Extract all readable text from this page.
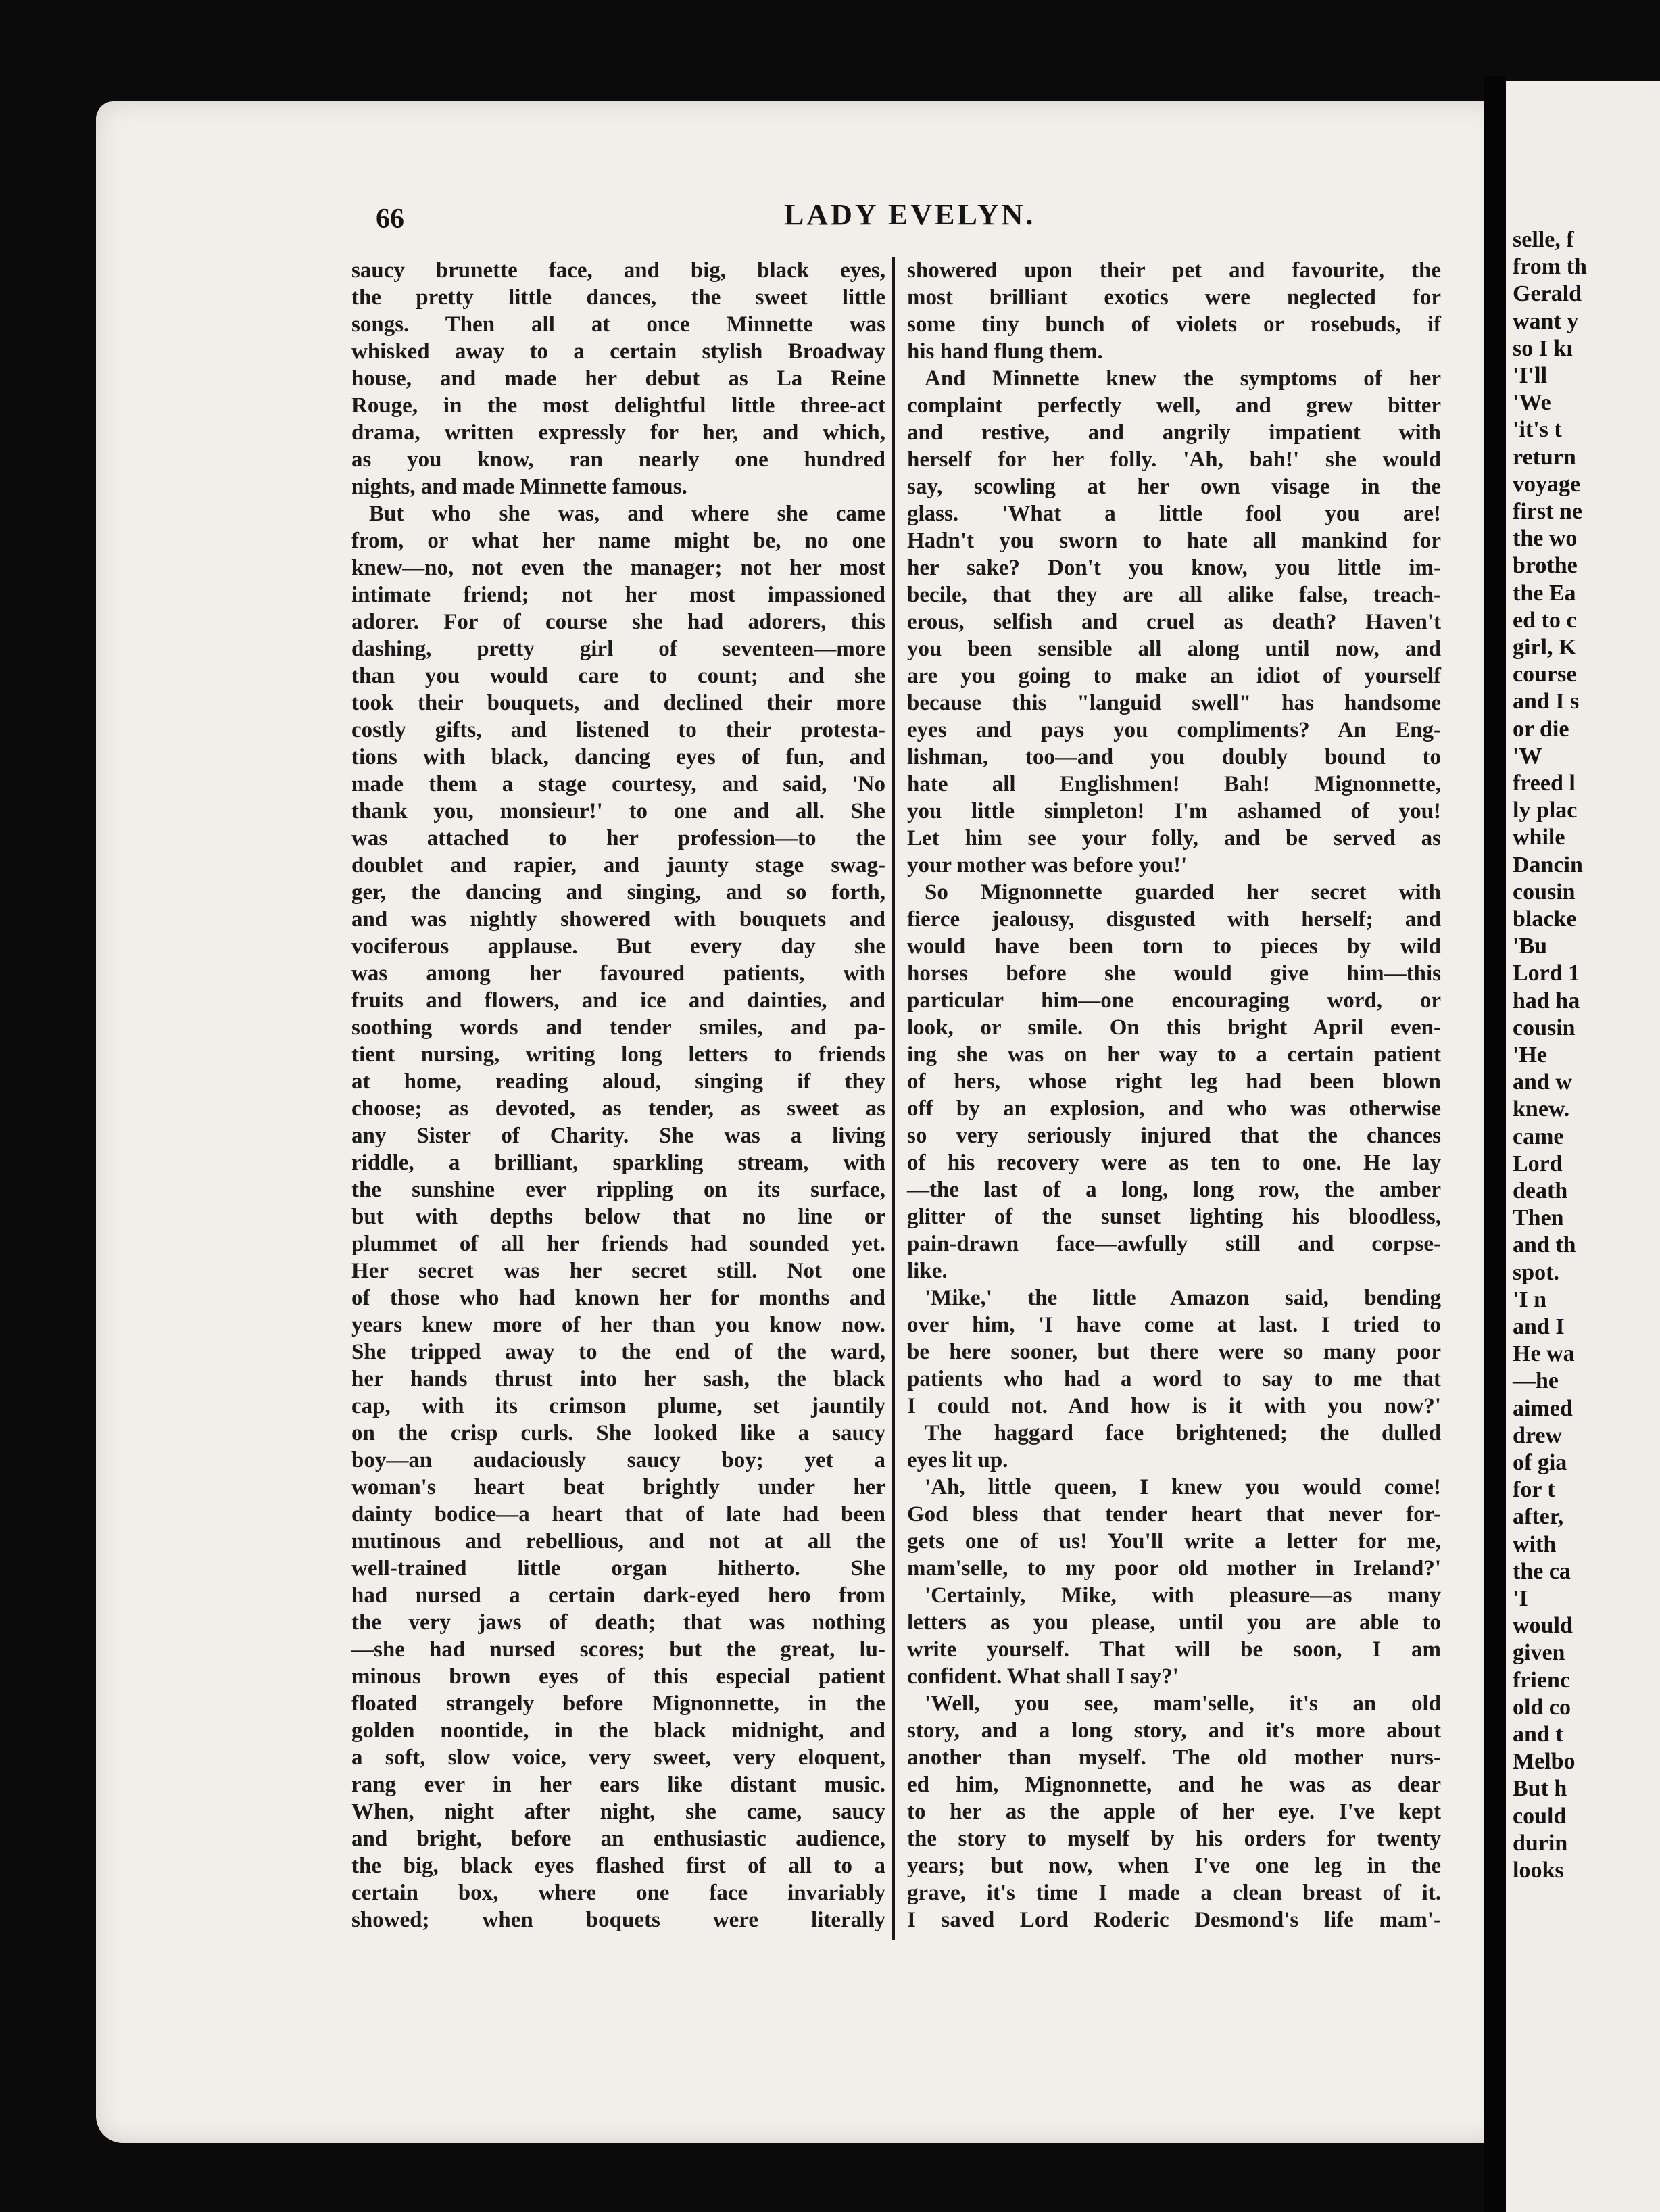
selle, f
from th
Gerald
want y
so I kı
'I'll
'We
'it's t
return
voyage
first ne
the wo
brothe
the Ea
ed to c
girl, K
course
and I s
or die
'W
freed l
ly plac
while
Dancin
cousin
blacke
'Bu
Lord 1
had ha
cousin
'He
and w
knew.
came
Lord
death
Then
and th
spot.
'I n
and I
He wa
—he
aimed
drew
of gia
for t
after,
with
the ca
'I
would
given
frienc
old co
and t
Melbo
But h
could
durin
looks
66	LADY EVELYN.
saucy brunette face, and big, black eyes,
the pretty little dances, the sweet little
songs. Then all at once Minnette was
whisked away to a certain stylish Broadway
house, and made her debut as La Reine
Rouge, in the most delightful little three-act
drama, written expressly for her, and which,
as you know, ran nearly one hundred
nights, and made Minnette famous.
But who she was, and where she came
from, or what her name might be, no one
knew—no, not even the manager; not her most
intimate friend; not her most impassioned
adorer. For of course she had adorers, this
dashing, pretty girl of seventeen—more
than you would care to count; and she
took their bouquets, and declined their more
costly gifts, and listened to their protesta-
tions with black, dancing eyes of fun, and
made them a stage courtesy, and said, 'No
thank you, monsieur!' to one and all. She
was attached to her profession—to the
doublet and rapier, and jaunty stage swag-
ger, the dancing and singing, and so forth,
and was nightly showered with bouquets and
vociferous applause. But every day she
was among her favoured patients, with
fruits and flowers, and ice and dainties, and
soothing words and tender smiles, and pa-
tient nursing, writing long letters to friends
at home, reading aloud, singing if they
choose; as devoted, as tender, as sweet as
any Sister of Charity. She was a living
riddle, a brilliant, sparkling stream, with
the sunshine ever rippling on its surface,
but with depths below that no line or
plummet of all her friends had sounded yet.
Her secret was her secret still. Not one
of those who had known her for months and
years knew more of her than you know now.
She tripped away to the end of the ward,
her hands thrust into her sash, the black
cap, with its crimson plume, set jauntily
on the crisp curls. She looked like a saucy
boy—an audaciously saucy boy; yet a
woman's heart beat brightly under her
dainty bodice—a heart that of late had been
mutinous and rebellious, and not at all the
well-trained little organ hitherto. She
had nursed a certain dark-eyed hero from
the very jaws of death; that was nothing
—she had nursed scores; but the great, lu-
minous brown eyes of this especial patient
floated strangely before Mignonnette, in the
golden noontide, in the black midnight, and
a soft, slow voice, very sweet, very eloquent,
rang ever in her ears like distant music.
When, night after night, she came, saucy
and bright, before an enthusiastic audience,
the big, black eyes flashed first of all to a
certain box, where one face invariably
showed; when boquets were literally
showered upon their pet and favourite, the
most brilliant exotics were neglected for
some tiny bunch of violets or rosebuds, if
his hand flung them.
And Minnette knew the symptoms of her
complaint perfectly well, and grew bitter
and restive, and angrily impatient with
herself for her folly. 'Ah, bah!' she would
say, scowling at her own visage in the
glass. 'What a little fool you are!
Hadn't you sworn to hate all mankind for
her sake? Don't you know, you little im-
becile, that they are all alike false, treach-
erous, selfish and cruel as death? Haven't
you been sensible all along until now, and
are you going to make an idiot of yourself
because this "languid swell" has handsome
eyes and pays you compliments? An Eng-
lishman, too—and you doubly bound to
hate all Englishmen! Bah! Mignonnette,
you little simpleton! I'm ashamed of you!
Let him see your folly, and be served as
your mother was before you!'
So Mignonnette guarded her secret with
fierce jealousy, disgusted with herself; and
would have been torn to pieces by wild
horses before she would give him—this
particular him—one encouraging word, or
look, or smile. On this bright April even-
ing she was on her way to a certain patient
of hers, whose right leg had been blown
off by an explosion, and who was otherwise
so very seriously injured that the chances
of his recovery were as ten to one. He lay
—the last of a long, long row, the amber
glitter of the sunset lighting his bloodless,
pain-drawn face—awfully still and corpse-
like.
'Mike,' the little Amazon said, bending
over him, 'I have come at last. I tried to
be here sooner, but there were so many poor
patients who had a word to say to me that
I could not. And how is it with you now?'
The haggard face brightened; the dulled
eyes lit up.
'Ah, little queen, I knew you would come!
God bless that tender heart that never for-
gets one of us! You'll write a letter for me,
mam'selle, to my poor old mother in Ireland?'
'Certainly, Mike, with pleasure—as many
letters as you please, until you are able to
write yourself. That will be soon, I am
confident. What shall I say?'
'Well, you see, mam'selle, it's an old
story, and a long story, and it's more about
another than myself. The old mother nurs-
ed him, Mignonnette, and he was as dear
to her as the apple of her eye. I've kept
the story to myself by his orders for twenty
years; but now, when I've one leg in the
grave, it's time I made a clean breast of it.
I saved Lord Roderic Desmond's life mam'-
